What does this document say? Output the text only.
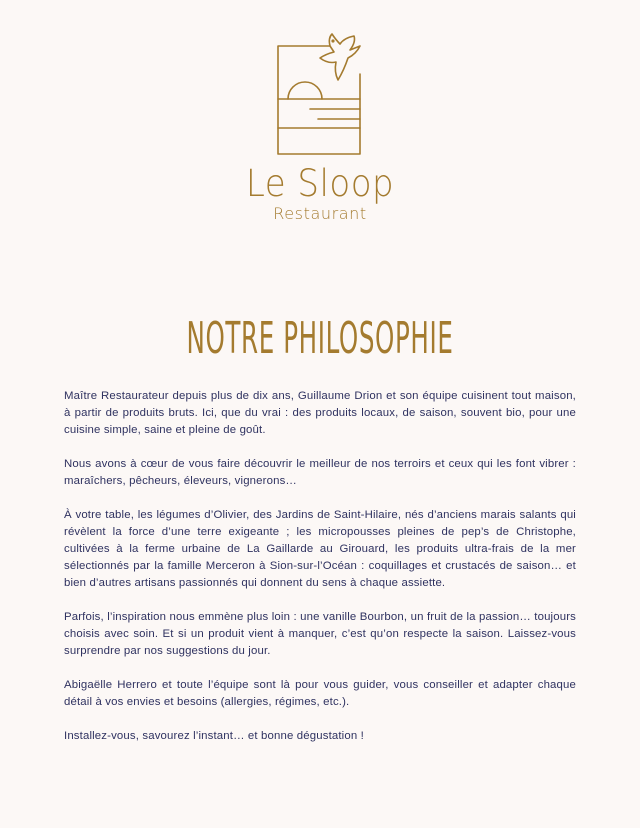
Le Sloop
Restaurant
NOTRE PHILOSOPHIE

Maître Restaurateur depuis plus de dix ans, Guillaume Drion et son équipe cuisinent tout maison, à partir de produits bruts. Ici, que du vrai : des produits locaux, de saison, souvent bio, pour une cuisine simple, saine et pleine de goût.

Nous avons à cœur de vous faire découvrir le meilleur de nos terroirs et ceux qui les font vibrer : maraîchers, pêcheurs, éleveurs, vignerons…

À votre table, les légumes d’Olivier, des Jardins de Saint-Hilaire, nés d’anciens marais salants qui révèlent la force d’une terre exigeante ; les micropousses pleines de pep’s de Christophe, cultivées à la ferme urbaine de La Gaillarde au Girouard, les produits ultra-frais de la mer sélectionnés par la famille Merceron à Sion-sur-l’Océan : coquillages et crustacés de saison… et bien d’autres artisans passionnés qui donnent du sens à chaque assiette.

Parfois, l’inspiration nous emmène plus loin : une vanille Bourbon, un fruit de la passion… toujours choisis avec soin. Et si un produit vient à manquer, c’est qu’on respecte la saison. Laissez-vous surprendre par nos suggestions du jour.

Abigaëlle Herrero et toute l’équipe sont là pour vous guider, vous conseiller et adapter chaque détail à vos envies et besoins (allergies, régimes, etc.).

Installez-vous, savourez l’instant… et bonne dégustation !
